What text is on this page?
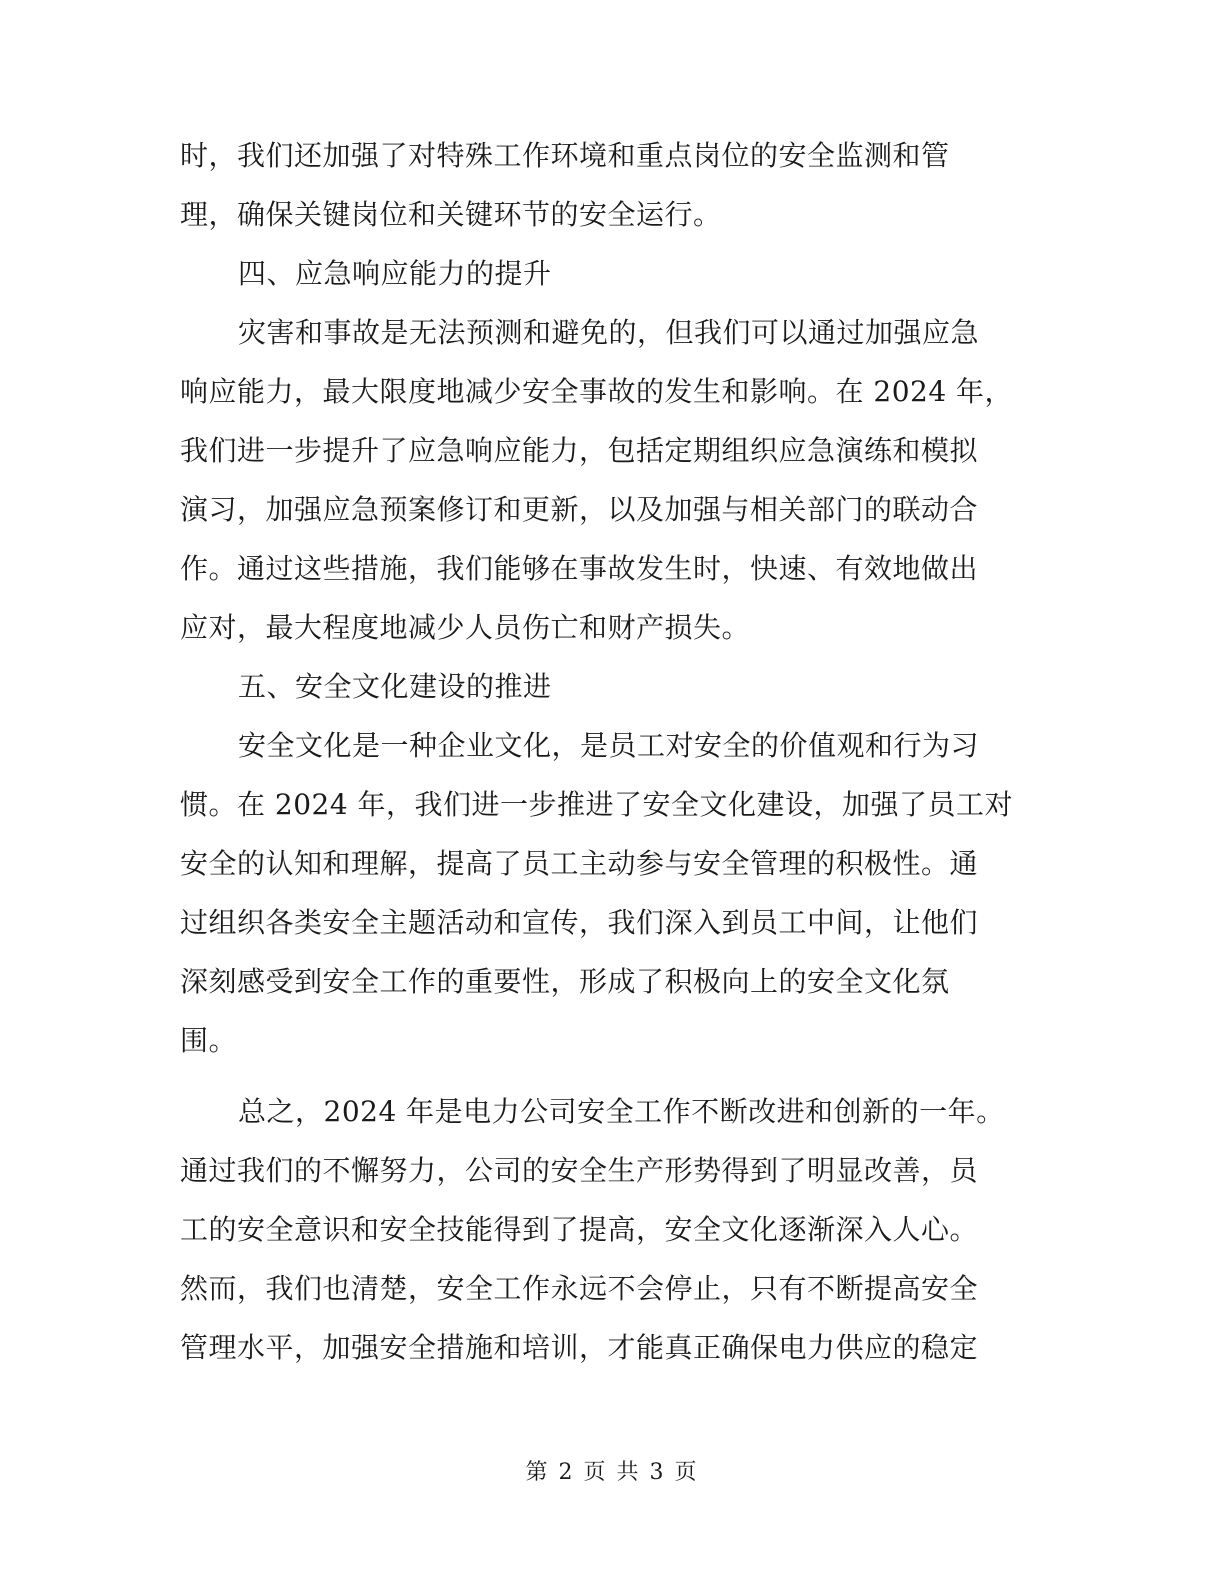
时，我们还加强了对特殊工作环境和重点岗位的安全监测和管
理，确保关键岗位和关键环节的安全运行。
四、应急响应能力的提升
灾害和事故是无法预测和避免的，但我们可以通过加强应急
响应能力，最大限度地减少安全事故的发生和影响。在 2024 年，
我们进一步提升了应急响应能力，包括定期组织应急演练和模拟
演习，加强应急预案修订和更新，以及加强与相关部门的联动合
作。通过这些措施，我们能够在事故发生时，快速、有效地做出
应对，最大程度地减少人员伤亡和财产损失。
五、安全文化建设的推进
安全文化是一种企业文化，是员工对安全的价值观和行为习
惯。在 2024 年，我们进一步推进了安全文化建设，加强了员工对
安全的认知和理解，提高了员工主动参与安全管理的积极性。通
过组织各类安全主题活动和宣传，我们深入到员工中间，让他们
深刻感受到安全工作的重要性，形成了积极向上的安全文化氛
围。
总之，2024 年是电力公司安全工作不断改进和创新的一年。
通过我们的不懈努力，公司的安全生产形势得到了明显改善，员
工的安全意识和安全技能得到了提高，安全文化逐渐深入人心。
然而，我们也清楚，安全工作永远不会停止，只有不断提高安全
管理水平，加强安全措施和培训，才能真正确保电力供应的稳定
第 2 页 共 3 页
